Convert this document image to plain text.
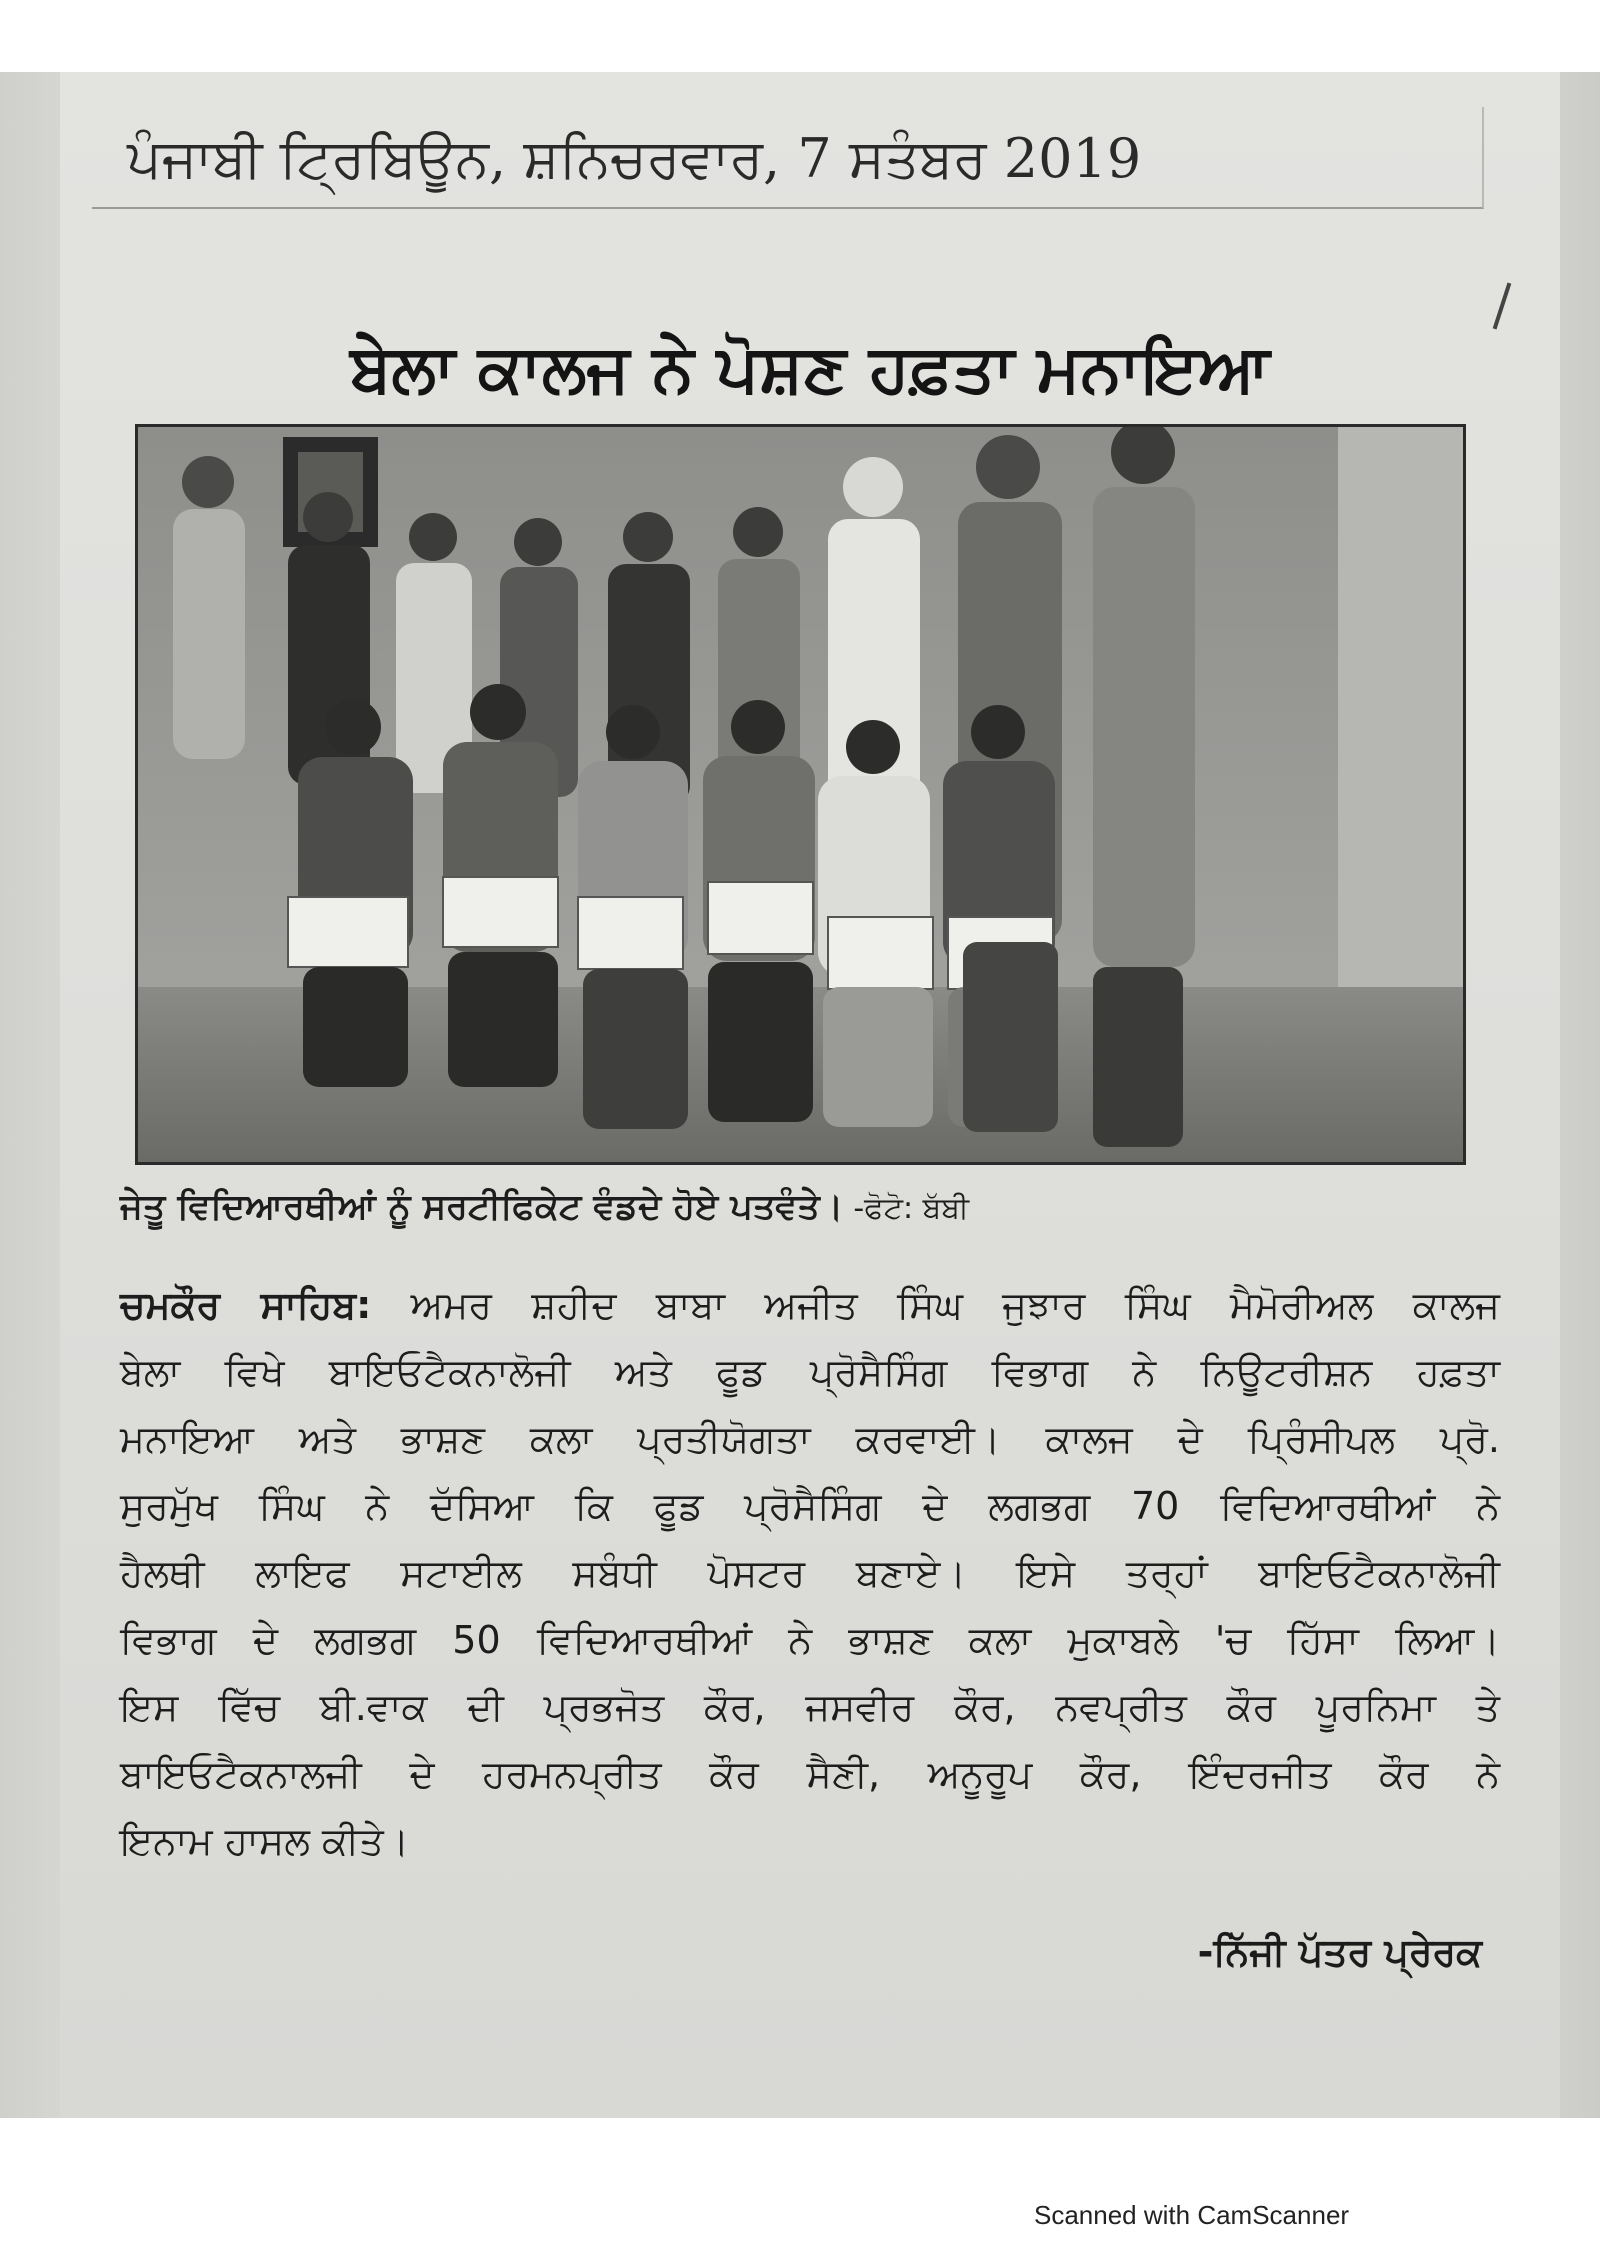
ਪੰਜਾਬੀ ਟ੍ਰਿਬਿਊਨ, ਸ਼ਨਿਚਰਵਾਰ, 7 ਸਤੰਬਰ 2019
ਬੇਲਾ ਕਾਲਜ ਨੇ ਪੋਸ਼ਣ ਹਫ਼ਤਾ ਮਨਾਇਆ
ਜੇਤੂ ਵਿਦਿਆਰਥੀਆਂ ਨੂੰ ਸਰਟੀਫਿਕੇਟ ਵੰਡਦੇ ਹੋਏ ਪਤਵੰਤੇ। -ਫੋਟੋ: ਬੱਬੀ
ਚਮਕੌਰ ਸਾਹਿਬ: ਅਮਰ ਸ਼ਹੀਦ ਬਾਬਾ ਅਜੀਤ ਸਿੰਘ ਜੁਝਾਰ ਸਿੰਘ ਮੈਮੋਰੀਅਲ ਕਾਲਜ
ਬੇਲਾ ਵਿਖੇ ਬਾਇਓਟੈਕਨਾਲੋਜੀ ਅਤੇ ਫੂਡ ਪ੍ਰੋਸੈਸਿੰਗ ਵਿਭਾਗ ਨੇ ਨਿਊਟਰੀਸ਼ਨ ਹਫ਼ਤਾ
ਮਨਾਇਆ ਅਤੇ ਭਾਸ਼ਣ ਕਲਾ ਪ੍ਰਤੀਯੋਗਤਾ ਕਰਵਾਈ। ਕਾਲਜ ਦੇ ਪ੍ਰਿੰਸੀਪਲ ਪ੍ਰੋ.
ਸੁਰਮੁੱਖ ਸਿੰਘ ਨੇ ਦੱਸਿਆ ਕਿ ਫੂਡ ਪ੍ਰੋਸੈਸਿੰਗ ਦੇ ਲਗਭਗ 70 ਵਿਦਿਆਰਥੀਆਂ ਨੇ
ਹੈਲਥੀ ਲਾਇਫ ਸਟਾਈਲ ਸਬੰਧੀ ਪੋਸਟਰ ਬਣਾਏ। ਇਸੇ ਤਰ੍ਹਾਂ ਬਾਇਓਟੈਕਨਾਲੋਜੀ
ਵਿਭਾਗ ਦੇ ਲਗਭਗ 50 ਵਿਦਿਆਰਥੀਆਂ ਨੇ ਭਾਸ਼ਣ ਕਲਾ ਮੁਕਾਬਲੇ 'ਚ ਹਿੱਸਾ ਲਿਆ।
ਇਸ ਵਿੱਚ ਬੀ.ਵਾਕ ਦੀ ਪ੍ਰਭਜੋਤ ਕੌਰ, ਜਸਵੀਰ ਕੌਰ, ਨਵਪ੍ਰੀਤ ਕੌਰ ਪੂਰਨਿਮਾ ਤੇ
ਬਾਇਓਟੈਕਨਾਲਜੀ ਦੇ ਹਰਮਨਪ੍ਰੀਤ ਕੌਰ ਸੈਣੀ, ਅਨੂਰੂਪ ਕੌਰ, ਇੰਦਰਜੀਤ ਕੌਰ ਨੇ
ਇਨਾਮ ਹਾਸਲ ਕੀਤੇ।
-ਨਿੱਜੀ ਪੱਤਰ ਪ੍ਰੇਰਕ
Scanned with CamScanner
